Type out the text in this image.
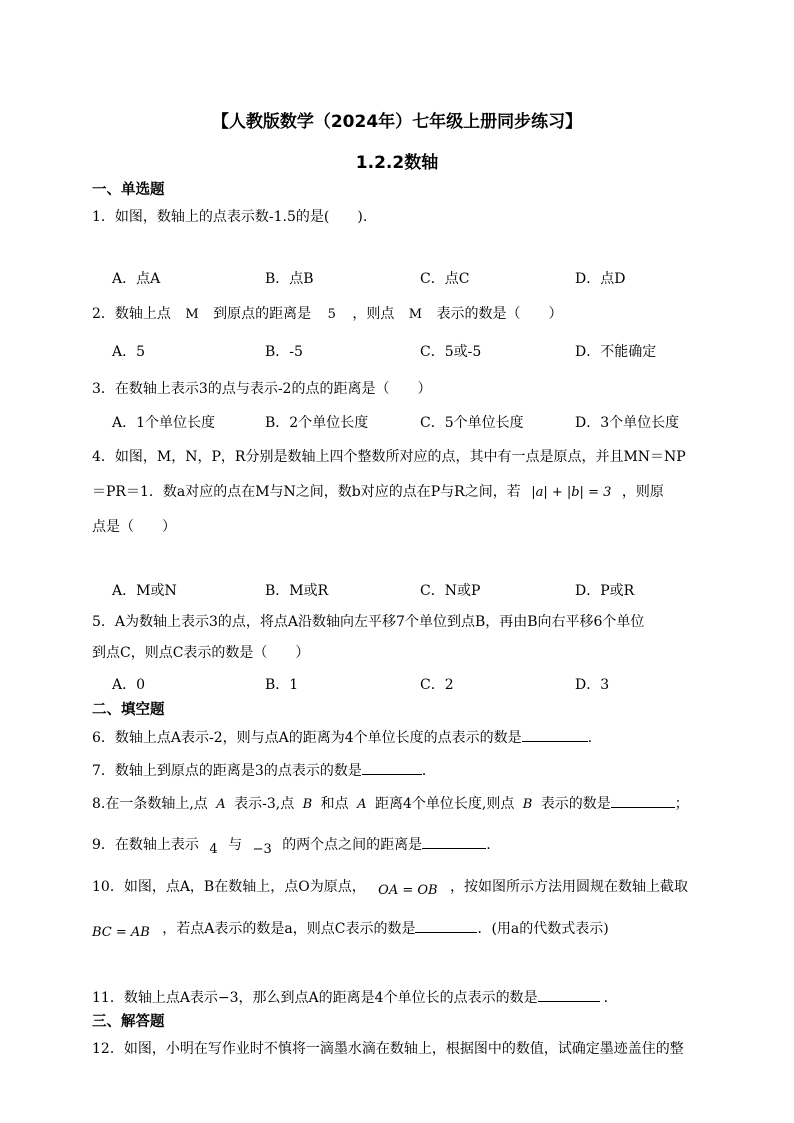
【人教版数学（2024年）七年级上册同步练习】
1.2.2数轴
一、单选题
1．如图，数轴上的点表示数-1.5的是(　　).
A．点A	B．点B	C．点C	D．点D
2．数轴上点 M 到原点的距离是 5 ，则点 M 表示的数是（　　）
A．5	B．-5	C．5或-5	D．不能确定
3．在数轴上表示3的点与表示-2的点的距离是（　　）
A．1个单位长度	B．2个单位长度	C．5个单位长度	D．3个单位长度
4．如图，M，N，P，R分别是数轴上四个整数所对应的点，其中有一点是原点，并且MN＝NP
＝PR＝1．数a对应的点在M与N之间，数b对应的点在P与R之间，若 |a| + |b| = 3 ，则原
点是（　　）
A．M或N	B．M或R	C．N或P	D．P或R
5．A为数轴上表示3的点，将点A沿数轴向左平移7个单位到点B，再由B向右平移6个单位
到点C，则点C表示的数是（　　）
A．0	B．1	C．2	D．3
二、填空题
6．数轴上点A表示-2，则与点A的距离为4个单位长度的点表示的数是	.
7．数轴上到原点的距离是3的点表示的数是	．
8.在一条数轴上,点 A 表示-3,点 B 和点 A 距离4个单位长度,则点 B 表示的数是	；
9．在数轴上表示 4 与 −3 的两个点之间的距离是	.
10．如图，点A，B在数轴上，点O为原点， OA = OB ，按如图所示方法用圆规在数轴上截取
BC = AB ，若点A表示的数是a，则点C表示的数是	．(用a的代数式表示)
11．数轴上点A表示−3，那么到点A的距离是4个单位长的点表示的数是	.
三、解答题
12．如图，小明在写作业时不慎将一滴墨水滴在数轴上，根据图中的数值，试确定墨迹盖住的整
